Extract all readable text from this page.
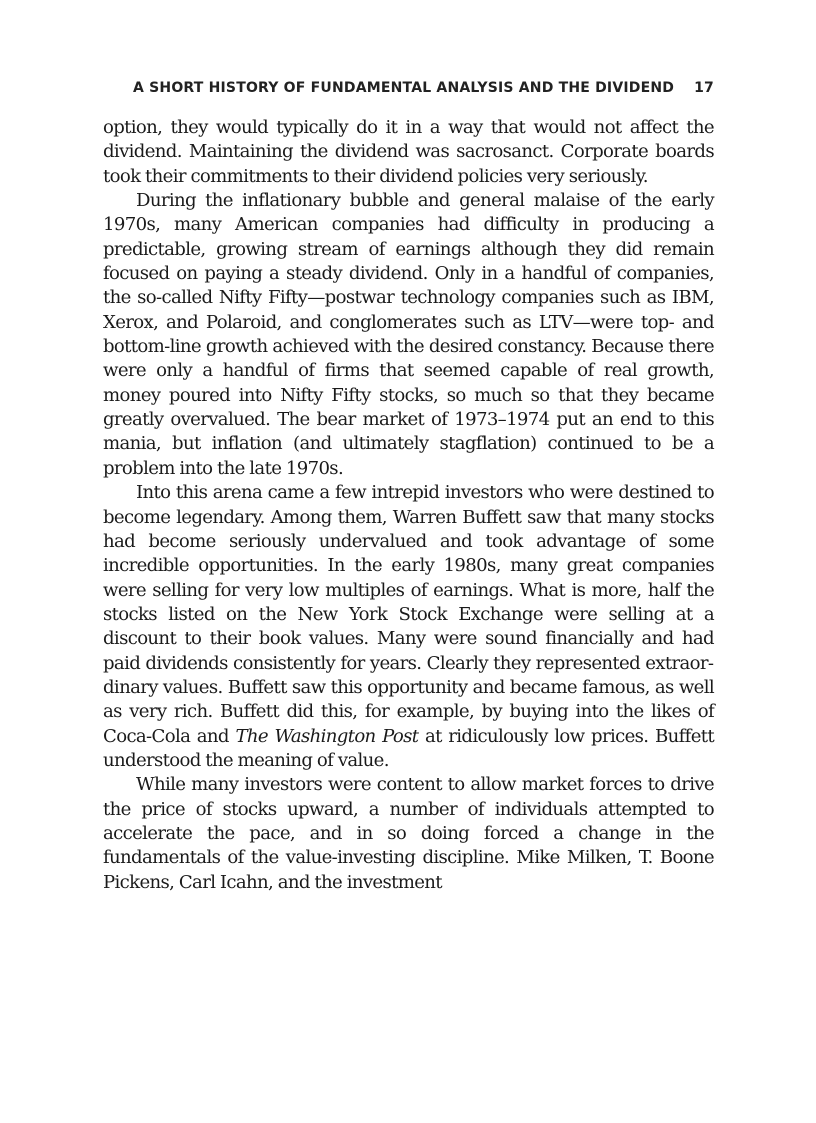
A SHORT HISTORY OF FUNDAMENTAL ANALYSIS AND THE DIVIDEND 17

option, they would typically do it in a way that would not affect the dividend. Maintaining the dividend was sacrosanct. Corporate boards took their commitments to their dividend policies very seriously.

During the inflationary bubble and general malaise of the early 1970s, many American companies had difficulty in producing a predictable, growing stream of earnings although they did remain focused on paying a steady dividend. Only in a handful of companies, the so-called Nifty Fifty—postwar technology companies such as IBM, Xerox, and Polaroid, and conglomerates such as LTV—were top- and bottom-line growth achieved with the desired constancy. Because there were only a handful of firms that seemed capable of real growth, money poured into Nifty Fifty stocks, so much so that they became greatly overvalued. The bear market of 1973–1974 put an end to this mania, but inflation (and ultimately stagflation) continued to be a problem into the late 1970s.

Into this arena came a few intrepid investors who were destined to become legendary. Among them, Warren Buffett saw that many stocks had become seriously undervalued and took advantage of some incredible opportunities. In the early 1980s, many great companies were selling for very low multiples of earnings. What is more, half the stocks listed on the New York Stock Exchange were selling at a discount to their book values. Many were sound financially and had paid dividends consistently for years. Clearly they represented extraordinary values. Buffett saw this opportunity and became famous, as well as very rich. Buffett did this, for example, by buying into the likes of Coca-Cola and The Washington Post at ridiculously low prices. Buffett understood the meaning of value.

While many investors were content to allow market forces to drive the price of stocks upward, a number of individuals attempted to accelerate the pace, and in so doing forced a change in the fundamentals of the value-investing discipline. Mike Milken, T. Boone Pickens, Carl Icahn, and the investment
